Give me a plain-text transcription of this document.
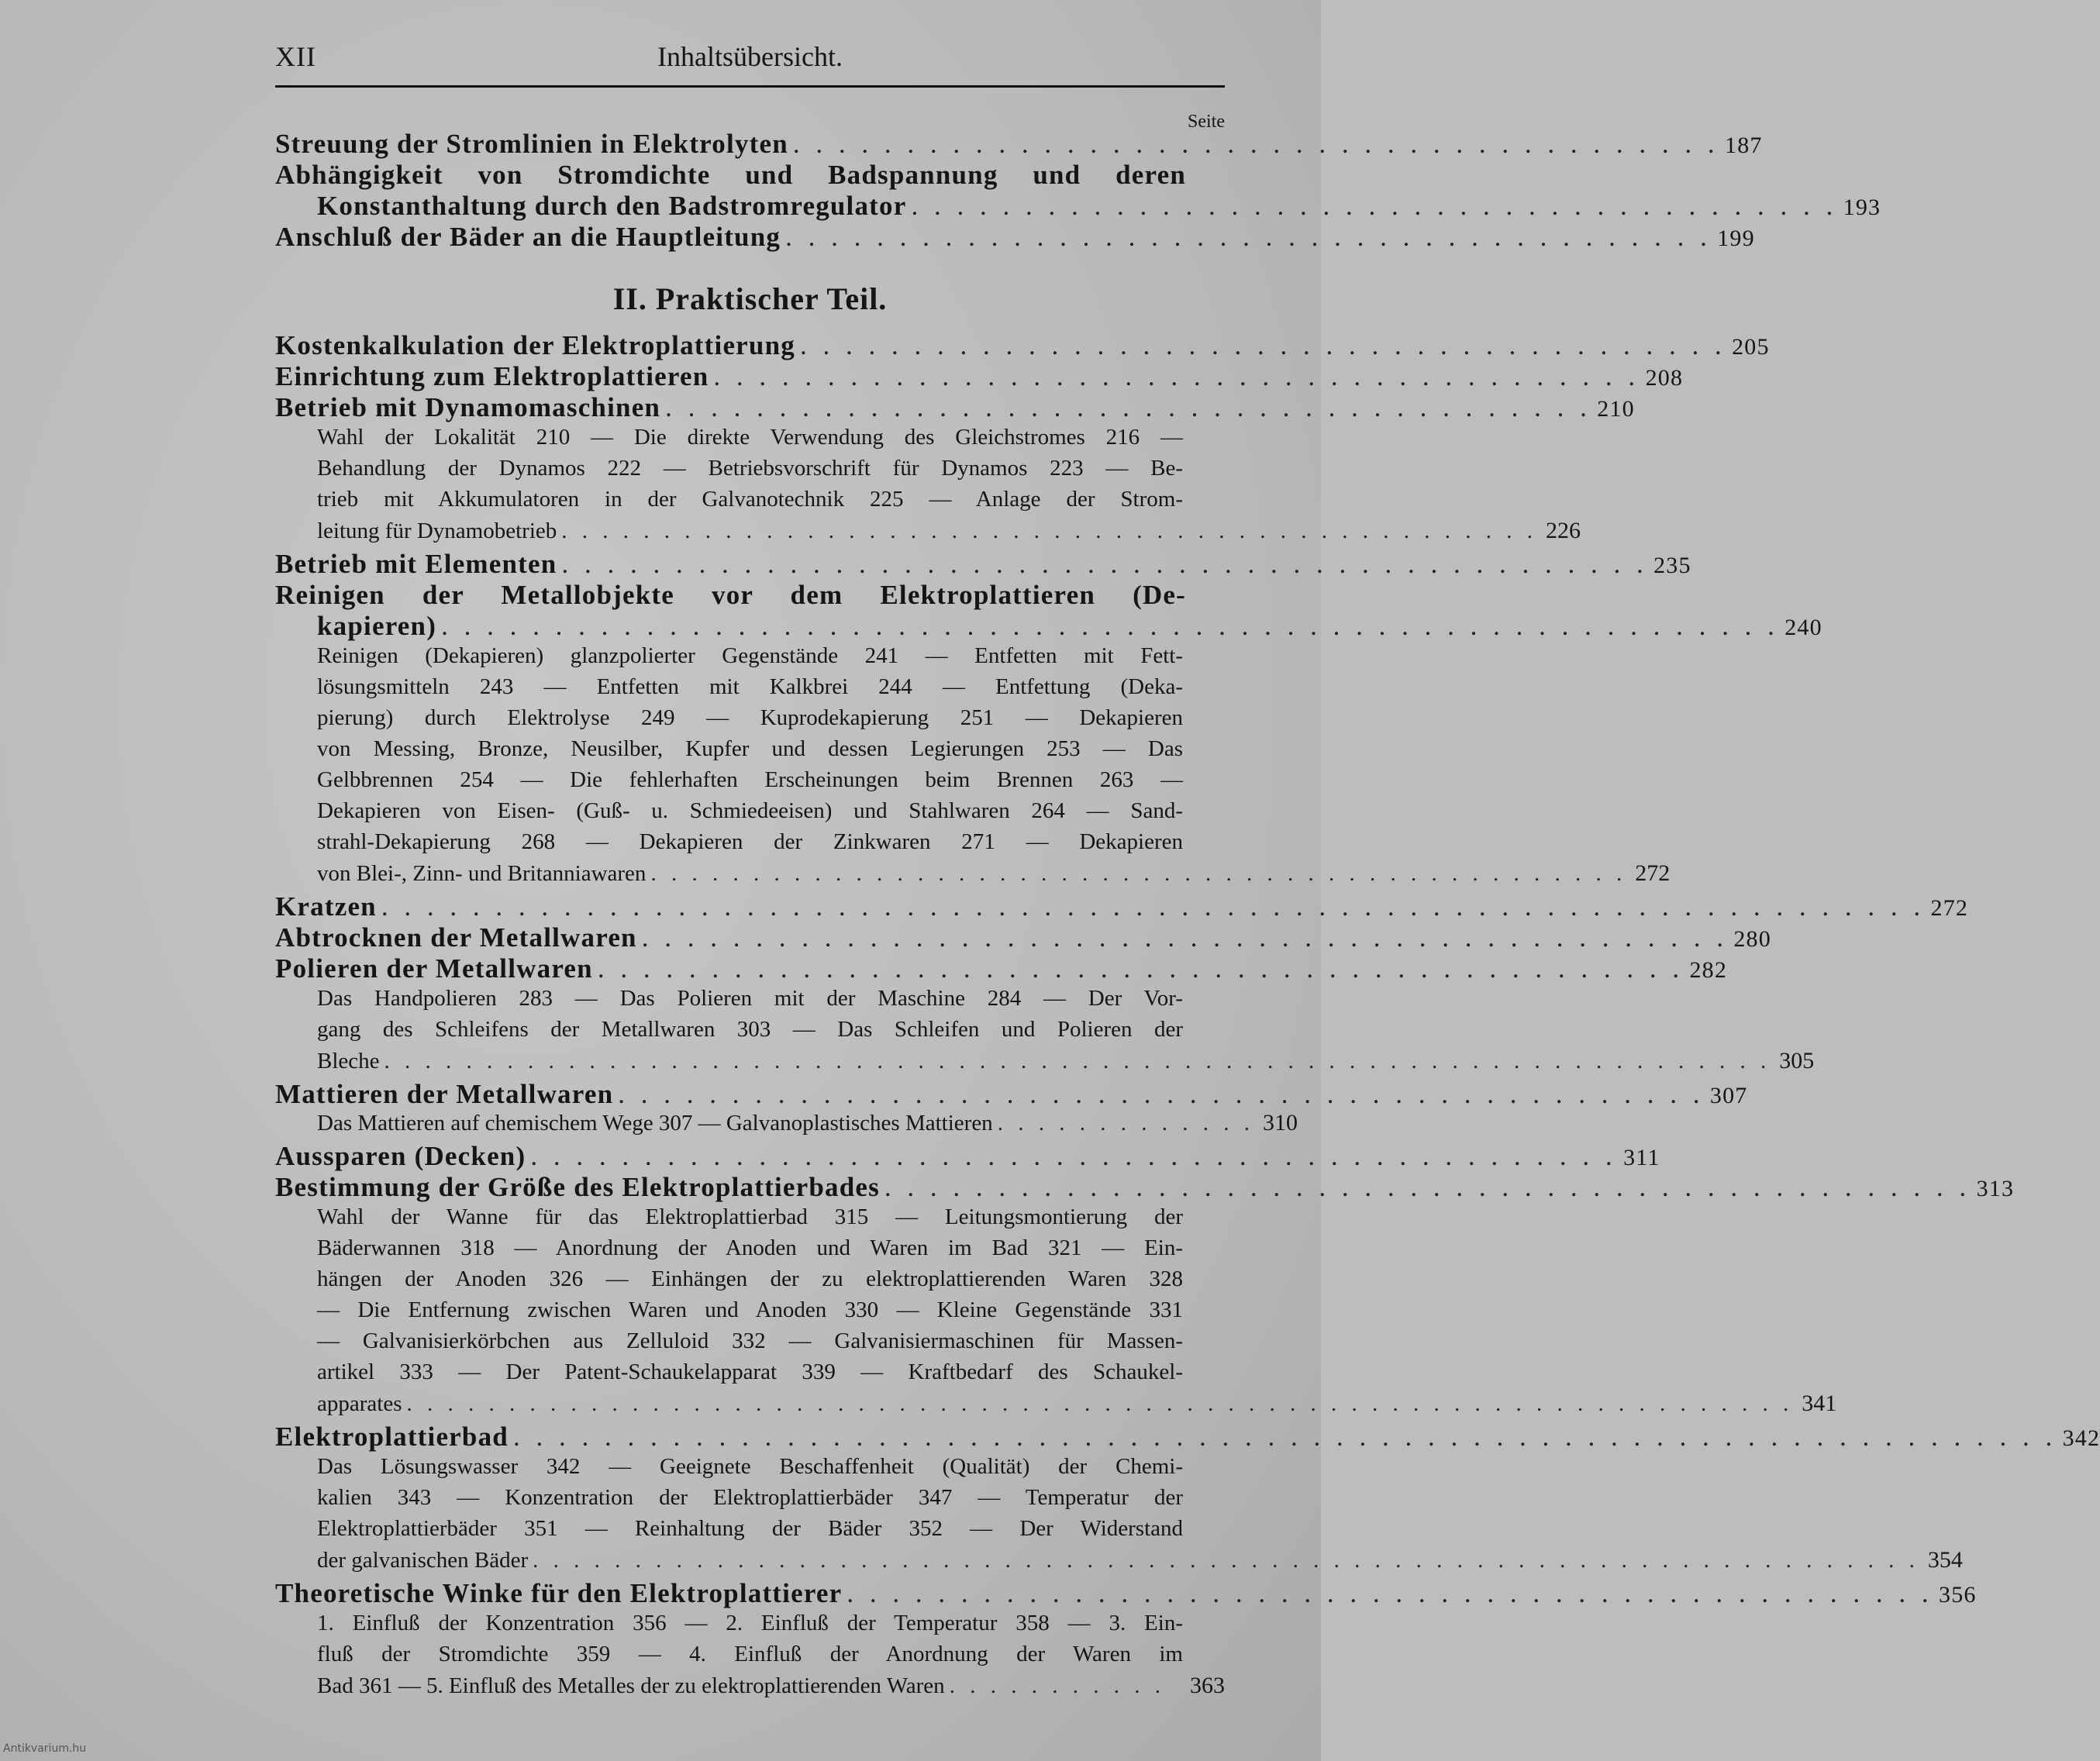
Inhaltsübersicht.
XII
Seite
II. Praktischer Teil.
Streuung der Stromlinien in Elektrolyten . . . . . . . . . . . . . . . . . . . . . . . . . . . . . . . . . . . . . . . . . 187
Abhängigkeit von Stromdichte und Badspannung und deren
Konstanthaltung durch den Badstromregulator . . . . . . . . . . . . . . . . . . . . . . . . . . . . . . . . . . . . . . . . . 193
Anschluß der Bäder an die Hauptleitung . . . . . . . . . . . . . . . . . . . . . . . . . . . . . . . . . . . . . . . . . 199
Kostenkalkulation der Elektroplattierung . . . . . . . . . . . . . . . . . . . . . . . . . . . . . . . . . . . . . . . . . 205
Einrichtung zum Elektroplattieren . . . . . . . . . . . . . . . . . . . . . . . . . . . . . . . . . . . . . . . . . 208
Betrieb mit Dynamomaschinen . . . . . . . . . . . . . . . . . . . . . . . . . . . . . . . . . . . . . . . . . 210
Wahl der Lokalität 210 — Die direkte Verwendung des Gleichstromes 216 —
Behandlung der Dynamos 222 — Betriebsvorschrift für Dynamos 223 — Be-
trieb mit Akkumulatoren in der Galvanotechnik 225 — Anlage der Strom-
leitung für Dynamobetrieb . . . . . . . . . . . . . . . . . . . . . . . . . . . . . . . . . . . . . . . . . . . . . . . . 226
Betrieb mit Elementen . . . . . . . . . . . . . . . . . . . . . . . . . . . . . . . . . . . . . . . . . . . . . . . . 235
Reinigen der Metallobjekte vor dem Elektroplattieren (De-
kapieren) . . . . . . . . . . . . . . . . . . . . . . . . . . . . . . . . . . . . . . . . . . . . . . . . . . . . . . . . . . . 240
Reinigen (Dekapieren) glanzpolierter Gegenstände 241 — Entfetten mit Fett-
lösungsmitteln 243 — Entfetten mit Kalkbrei 244 — Entfettung (Deka-
pierung) durch Elektrolyse 249 — Kuprodekapierung 251 — Dekapieren
von Messing, Bronze, Neusilber, Kupfer und dessen Legierungen 253 — Das
Gelbbrennen 254 — Die fehlerhaften Erscheinungen beim Brennen 263 —
Dekapieren von Eisen- (Guß- u. Schmiedeeisen) und Stahlwaren 264 — Sand-
strahl-Dekapierung 268 — Dekapieren der Zinkwaren 271 — Dekapieren
von Blei-, Zinn- und Britanniawaren . . . . . . . . . . . . . . . . . . . . . . . . . . . . . . . . . . . . . . . . . . . . . . . . 272
Kratzen . . . . . . . . . . . . . . . . . . . . . . . . . . . . . . . . . . . . . . . . . . . . . . . . . . . . . . . . . . . . . . . . . . . . 272
Abtrocknen der Metallwaren . . . . . . . . . . . . . . . . . . . . . . . . . . . . . . . . . . . . . . . . . . . . . . . . 280
Polieren der Metallwaren . . . . . . . . . . . . . . . . . . . . . . . . . . . . . . . . . . . . . . . . . . . . . . . . 282
Das Handpolieren 283 — Das Polieren mit der Maschine 284 — Der Vor-
gang des Schleifens der Metallwaren 303 — Das Schleifen und Polieren der
Bleche . . . . . . . . . . . . . . . . . . . . . . . . . . . . . . . . . . . . . . . . . . . . . . . . . . . . . . . . . . . . . . . . . . . . 305
Mattieren der Metallwaren . . . . . . . . . . . . . . . . . . . . . . . . . . . . . . . . . . . . . . . . . . . . . . . . 307
Das Mattieren auf chemischem Wege 307 — Galvanoplastisches Mattieren . . . . . . . . . . . . . 310
Aussparen (Decken) . . . . . . . . . . . . . . . . . . . . . . . . . . . . . . . . . . . . . . . . . . . . . . . . 311
Bestimmung der Größe des Elektroplattierbades . . . . . . . . . . . . . . . . . . . . . . . . . . . . . . . . . . . . . . . . . . . . . . . . 313
Wahl der Wanne für das Elektroplattierbad 315 — Leitungsmontierung der
Bäderwannen 318 — Anordnung der Anoden und Waren im Bad 321 — Ein-
hängen der Anoden 326 — Einhängen der zu elektroplattierenden Waren 328
— Die Entfernung zwischen Waren und Anoden 330 — Kleine Gegenstände 331
— Galvanisierkörbchen aus Zelluloid 332 — Galvanisiermaschinen für Massen-
artikel 333 — Der Patent-Schaukelapparat 339 — Kraftbedarf des Schaukel-
apparates . . . . . . . . . . . . . . . . . . . . . . . . . . . . . . . . . . . . . . . . . . . . . . . . . . . . . . . . . . . . . . . . . . . . 341
Elektroplattierbad . . . . . . . . . . . . . . . . . . . . . . . . . . . . . . . . . . . . . . . . . . . . . . . . . . . . . . . . . . . . . . . . . . . . 342
Das Lösungswasser 342 — Geeignete Beschaffenheit (Qualität) der Chemi-
kalien 343 — Konzentration der Elektroplattierbäder 347 — Temperatur der
Elektroplattierbäder 351 — Reinhaltung der Bäder 352 — Der Widerstand
der galvanischen Bäder . . . . . . . . . . . . . . . . . . . . . . . . . . . . . . . . . . . . . . . . . . . . . . . . . . . . . . . . . . . . . . . . . . . . 354
Theoretische Winke für den Elektroplattierer . . . . . . . . . . . . . . . . . . . . . . . . . . . . . . . . . . . . . . . . . . . . . . . . 356
1. Einfluß der Konzentration 356 — 2. Einfluß der Temperatur 358 — 3. Ein-
fluß der Stromdichte 359 — 4. Einfluß der Anordnung der Waren im
Bad 361 — 5. Einfluß des Metalles der zu elektroplattierenden Waren . . . . . . . . . . .	363
Antikvarium.hu
